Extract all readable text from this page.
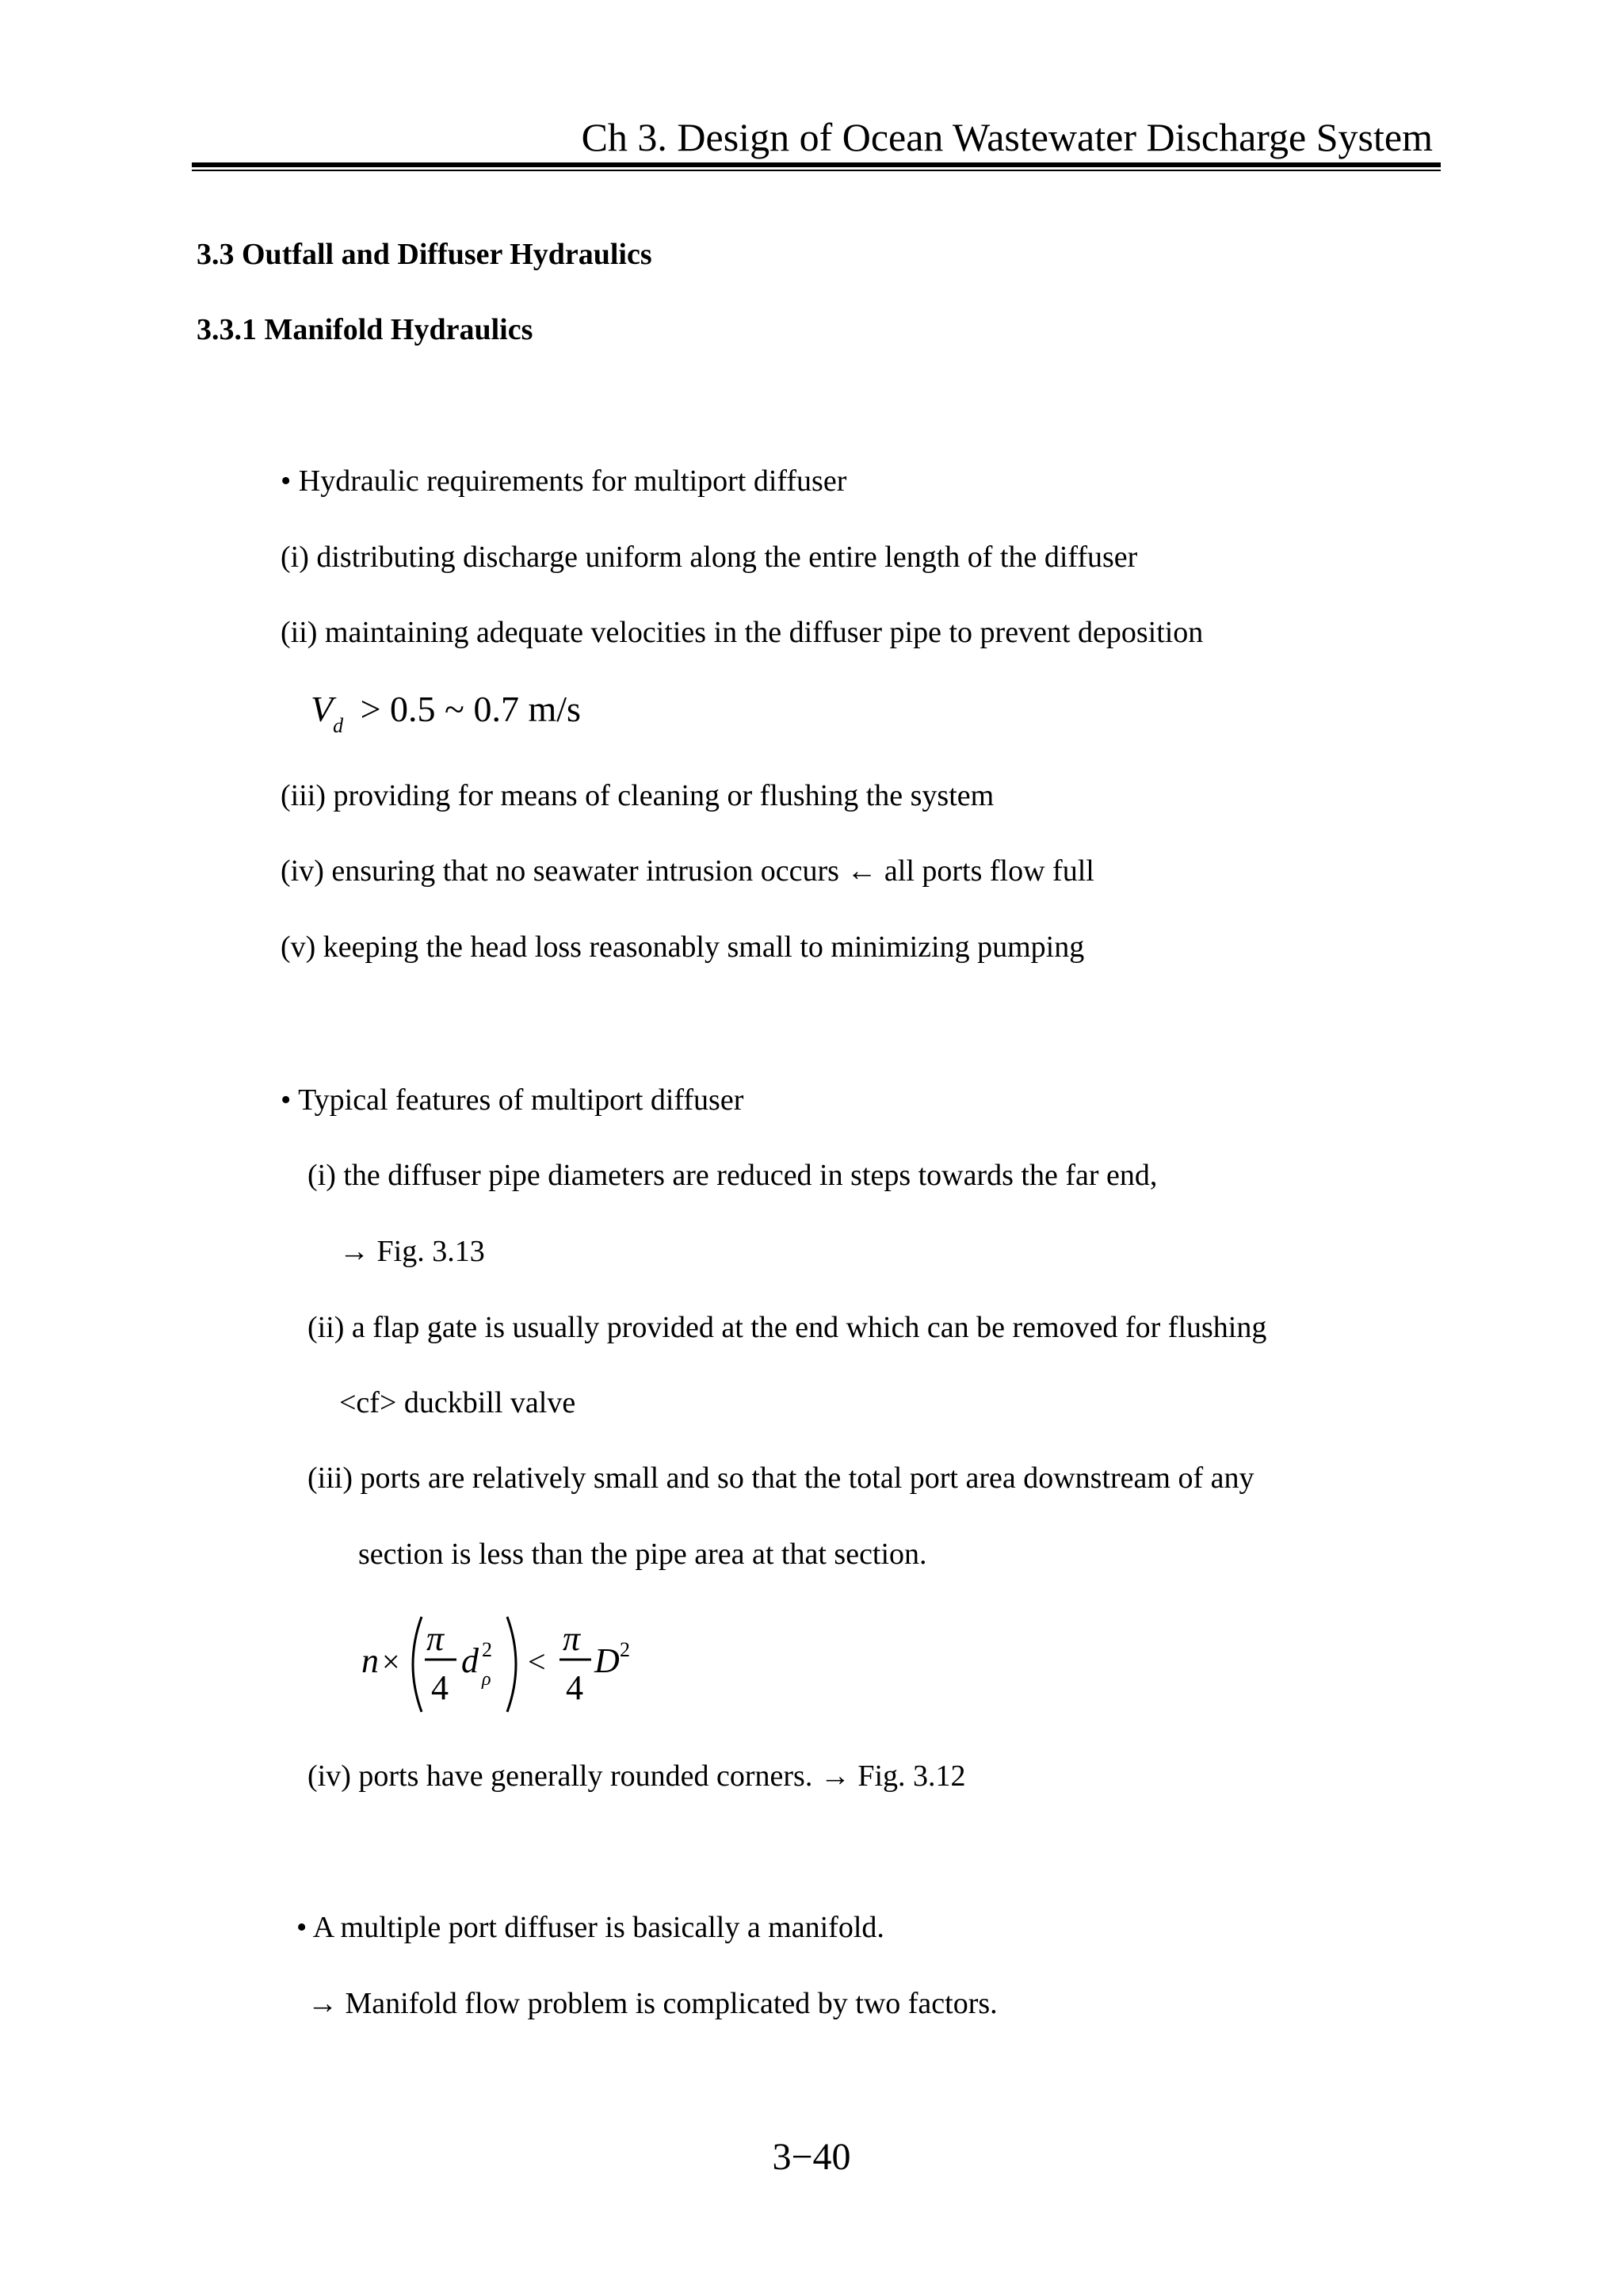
Ch 3. Design of Ocean Wastewater Discharge System
3.3 Outfall and Diffuser Hydraulics
3.3.1 Manifold Hydraulics
• Hydraulic requirements for multiport diffuser
(i) distributing discharge uniform along the entire length of the diffuser
(ii) maintaining adequate velocities in the diffuser pipe to prevent deposition
$V_d > 0.5$ ~ 0.7 m/s
(iii) providing for means of cleaning or flushing the system
(iv) ensuring that no seawater intrusion occurs ← all ports flow full
(v) keeping the head loss reasonably small to minimizing pumping
• Typical features of multiport diffuser
(i) the diffuser pipe diameters are reduced in steps towards the far end,
→ Fig. 3.13
(ii) a flap gate is usually provided at the end which can be removed for flushing
<cf> duckbill valve
(iii) ports are relatively small and so that the total port area downstream of any
section is less than the pipe area at that section.
n ×
π
4
d 2
ρ <
π
4
D 2
(iv) ports have generally rounded corners. → Fig. 3.12
• A multiple port diffuser is basically a manifold.
→ Manifold flow problem is complicated by two factors.
3−40
